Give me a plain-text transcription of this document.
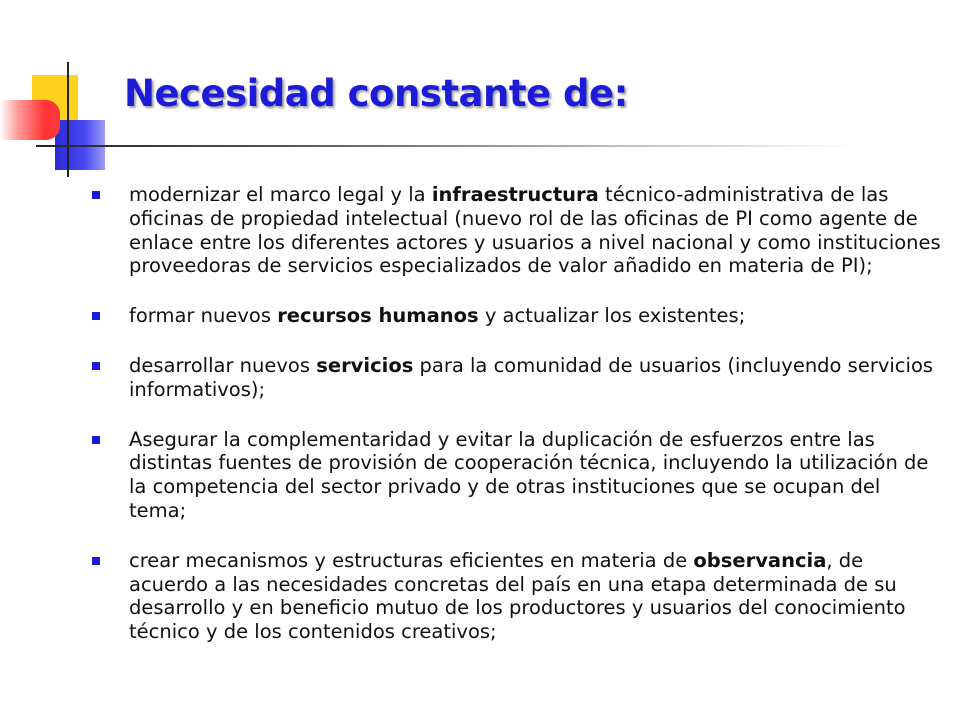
Necesidad constante de:
modernizar el marco legal y la infraestructura técnico-administrativa de las oficinas de propiedad intelectual (nuevo rol de las oficinas de PI como agente de enlace entre los diferentes actores y usuarios a nivel nacional y como instituciones proveedoras de servicios especializados de valor añadido en materia de PI);
formar nuevos recursos humanos y actualizar los existentes;
desarrollar nuevos servicios para la comunidad de usuarios (incluyendo servicios informativos);
Asegurar la complementaridad y evitar la duplicación de esfuerzos entre las distintas fuentes de provisión de cooperación técnica, incluyendo la utilización de la competencia del sector privado y de otras instituciones que se ocupan del tema;
crear mecanismos y estructuras eficientes en materia de observancia, de acuerdo a las necesidades concretas del país en una etapa determinada de su desarrollo y en beneficio mutuo de los productores y usuarios del conocimiento técnico y de los contenidos creativos;
